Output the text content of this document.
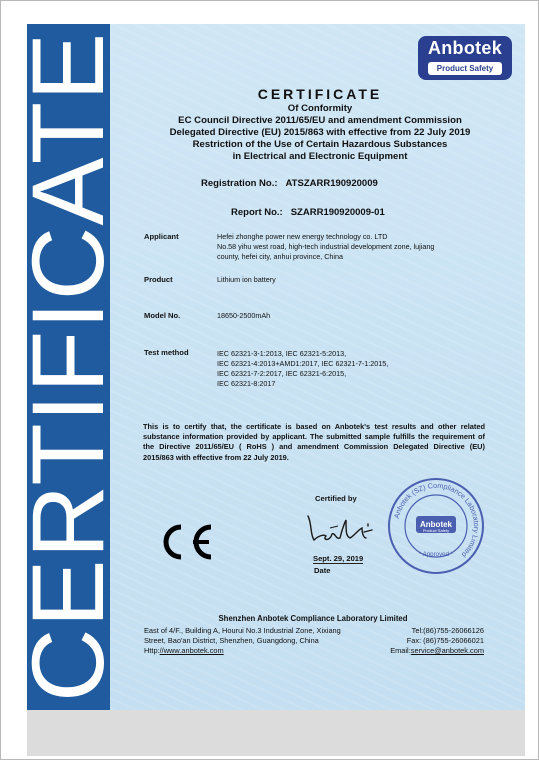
CERTIFICATE	Anbotek
Product Safety
CERTIFICATE
Of Conformity
EC Council Directive 2011/65/EU and amendment Commission
Delegated Directive (EU) 2015/863 with effective from 22 July 2019
Restriction of the Use of Certain Hazardous Substances
in Electrical and Electronic Equipment
Registration No.: ATSZARR190920009
Report No.: SZARR190920009-01
Applicant	Hefei zhonghe power new energy technology co. LTD
No.58 yihu west road, high-tech industrial development zone, lujiang
county, hefei city, anhui province, China
Product	Lithium ion battery
Model No.	18650-2500mAh
Test method	IEC 62321-3-1:2013, IEC 62321-5:2013,
IEC 62321-4:2013+AMD1:2017, IEC 62321-7-1:2015,
IEC 62321-7-2:2017, IEC 62321-6:2015,
IEC 62321-8:2017
This is to certify that, the certificate is based on Anbotek's test results and other related substance information provided by applicant. The submitted sample fulfills the requirement of the Directive 2011/65/EU ( RoHS ) and amendment Commission Delegated Directive (EU) 2015/863 with effective from 22 July 2019.
Certified by
Sept. 29, 2019
Date
Anbotek (SZ) Compliance Laboratory Limited
Anbotek
Product Safety
* Approved *
Shenzhen Anbotek Compliance Laboratory Limited
East of 4/F., Building A, Hourui No.3 Industrial Zone, Xixiang	Tel:(86)755-26066126
Street, Bao'an District, Shenzhen, Guangdong, China	Fax: (86)755-26066021
Http://www.anbotek.com	Email:service@anbotek.com
